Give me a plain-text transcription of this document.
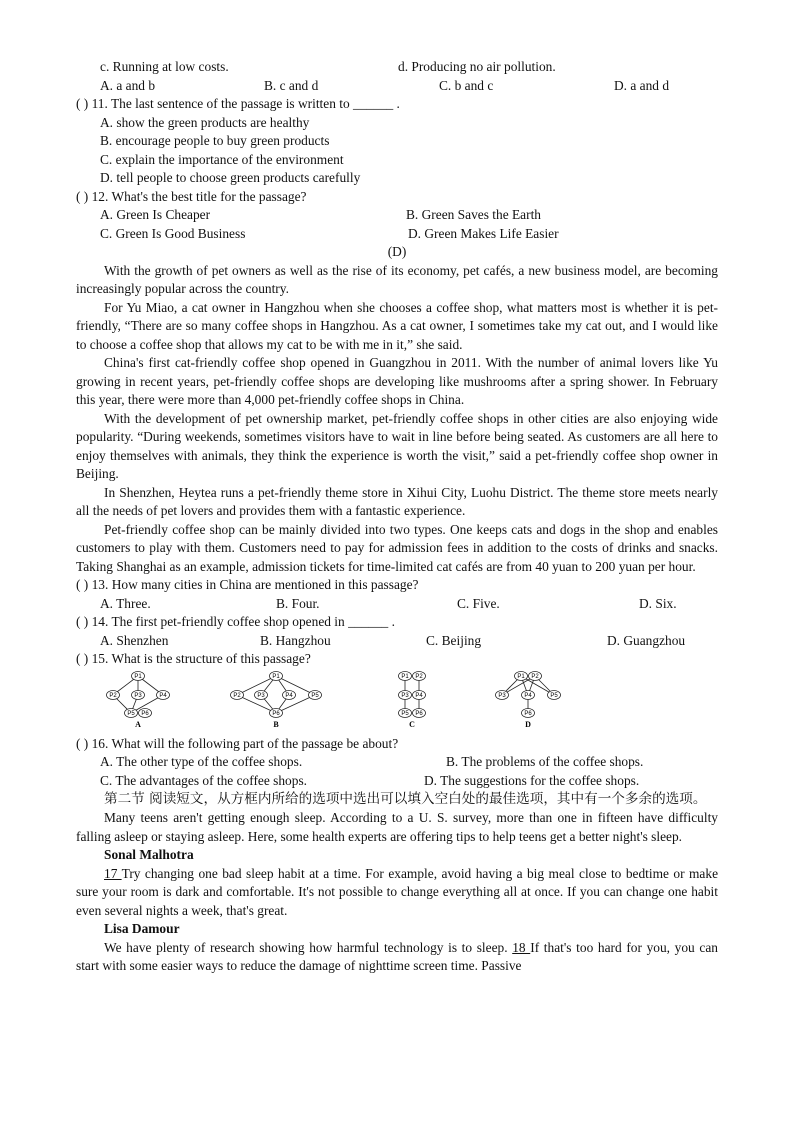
c. Running at low costs.	d. Producing no air pollution.
A. a and b	B. c and d	C. b and c	D. a and d
( ) 11. The last sentence of the passage is written to ______ .
A. show the green products are healthy
B. encourage people to buy green products
C. explain the importance of the environment
D. tell people to choose green products carefully
( ) 12. What's the best title for the passage?
A. Green Is Cheaper	B. Green Saves the Earth
C. Green Is Good Business	D. Green Makes Life Easier
(D)
With the growth of pet owners as well as the rise of its economy, pet cafés, a new business model, are becoming increasingly popular across the country.
For Yu Miao, a cat owner in Hangzhou when she chooses a coffee shop, what matters most is whether it is pet-friendly, “There are so many coffee shops in Hangzhou. As a cat owner, I sometimes take my cat out, and I would like to choose a coffee shop that allows my cat to be with me in it,” she said.
China's first cat-friendly coffee shop opened in Guangzhou in 2011. With the number of animal lovers like Yu growing in recent years, pet-friendly coffee shops are developing like mushrooms after a spring shower. In February this year, there were more than 4,000 pet-friendly coffee shops in China.
With the development of pet ownership market, pet-friendly coffee shops in other cities are also enjoying wide popularity. “During weekends, sometimes visitors have to wait in line before being seated. As customers are all here to enjoy themselves with animals, they think the experience is worth the visit,” said a pet-friendly coffee shop owner in Beijing.
In Shenzhen, Heytea runs a pet-friendly theme store in Xihui City, Luohu District. The theme store meets nearly all the needs of pet lovers and provides them with a fantastic experience.
Pet-friendly coffee shop can be mainly divided into two types. One keeps cats and dogs in the shop and enables customers to play with them. Customers need to pay for admission fees in addition to the costs of drinks and snacks. Taking Shanghai as an example, admission tickets for time-limited cat cafés are from 40 yuan to 200 yuan per hour.
( ) 13. How many cities in China are mentioned in this passage?
A. Three.	B. Four.	C. Five.	D. Six.
( ) 14. The first pet-friendly coffee shop opened in ______ .
A. Shenzhen	B. Hangzhou	C. Beijing	D. Guangzhou
( ) 15. What is the structure of this passage?
P1
P2	P3	P4
P5 P6
A
P1
P2	P3	P4	P5
P6
B
P1 P2
P3 P4
P5 P6
C
P1 P2
P3	P4	P5
P6
D
( ) 16. What will the following part of the passage be about?
A. The other type of the coffee shops.	B. The problems of the coffee shops.
C. The advantages of the coffee shops.	D. The suggestions for the coffee shops.
第二节 阅读短文，从方框内所给的选项中选出可以填入空白处的最佳选项，其中有一个多余的选项。
Many teens aren't getting enough sleep. According to a U. S. survey, more than one in fifteen have difficulty falling asleep or staying asleep. Here, some health experts are offering tips to help teens get a better night's sleep.
Sonal Malhotra
17 Try changing one bad sleep habit at a time. For example, avoid having a big meal close to bedtime or make sure your room is dark and comfortable. It's not possible to change everything all at once. If you can change one habit even several nights a week, that's great.
Lisa Damour
We have plenty of research showing how harmful technology is to sleep. 18 If that's too hard for you, you can start with some easier ways to reduce the damage of nighttime screen time. Passive
